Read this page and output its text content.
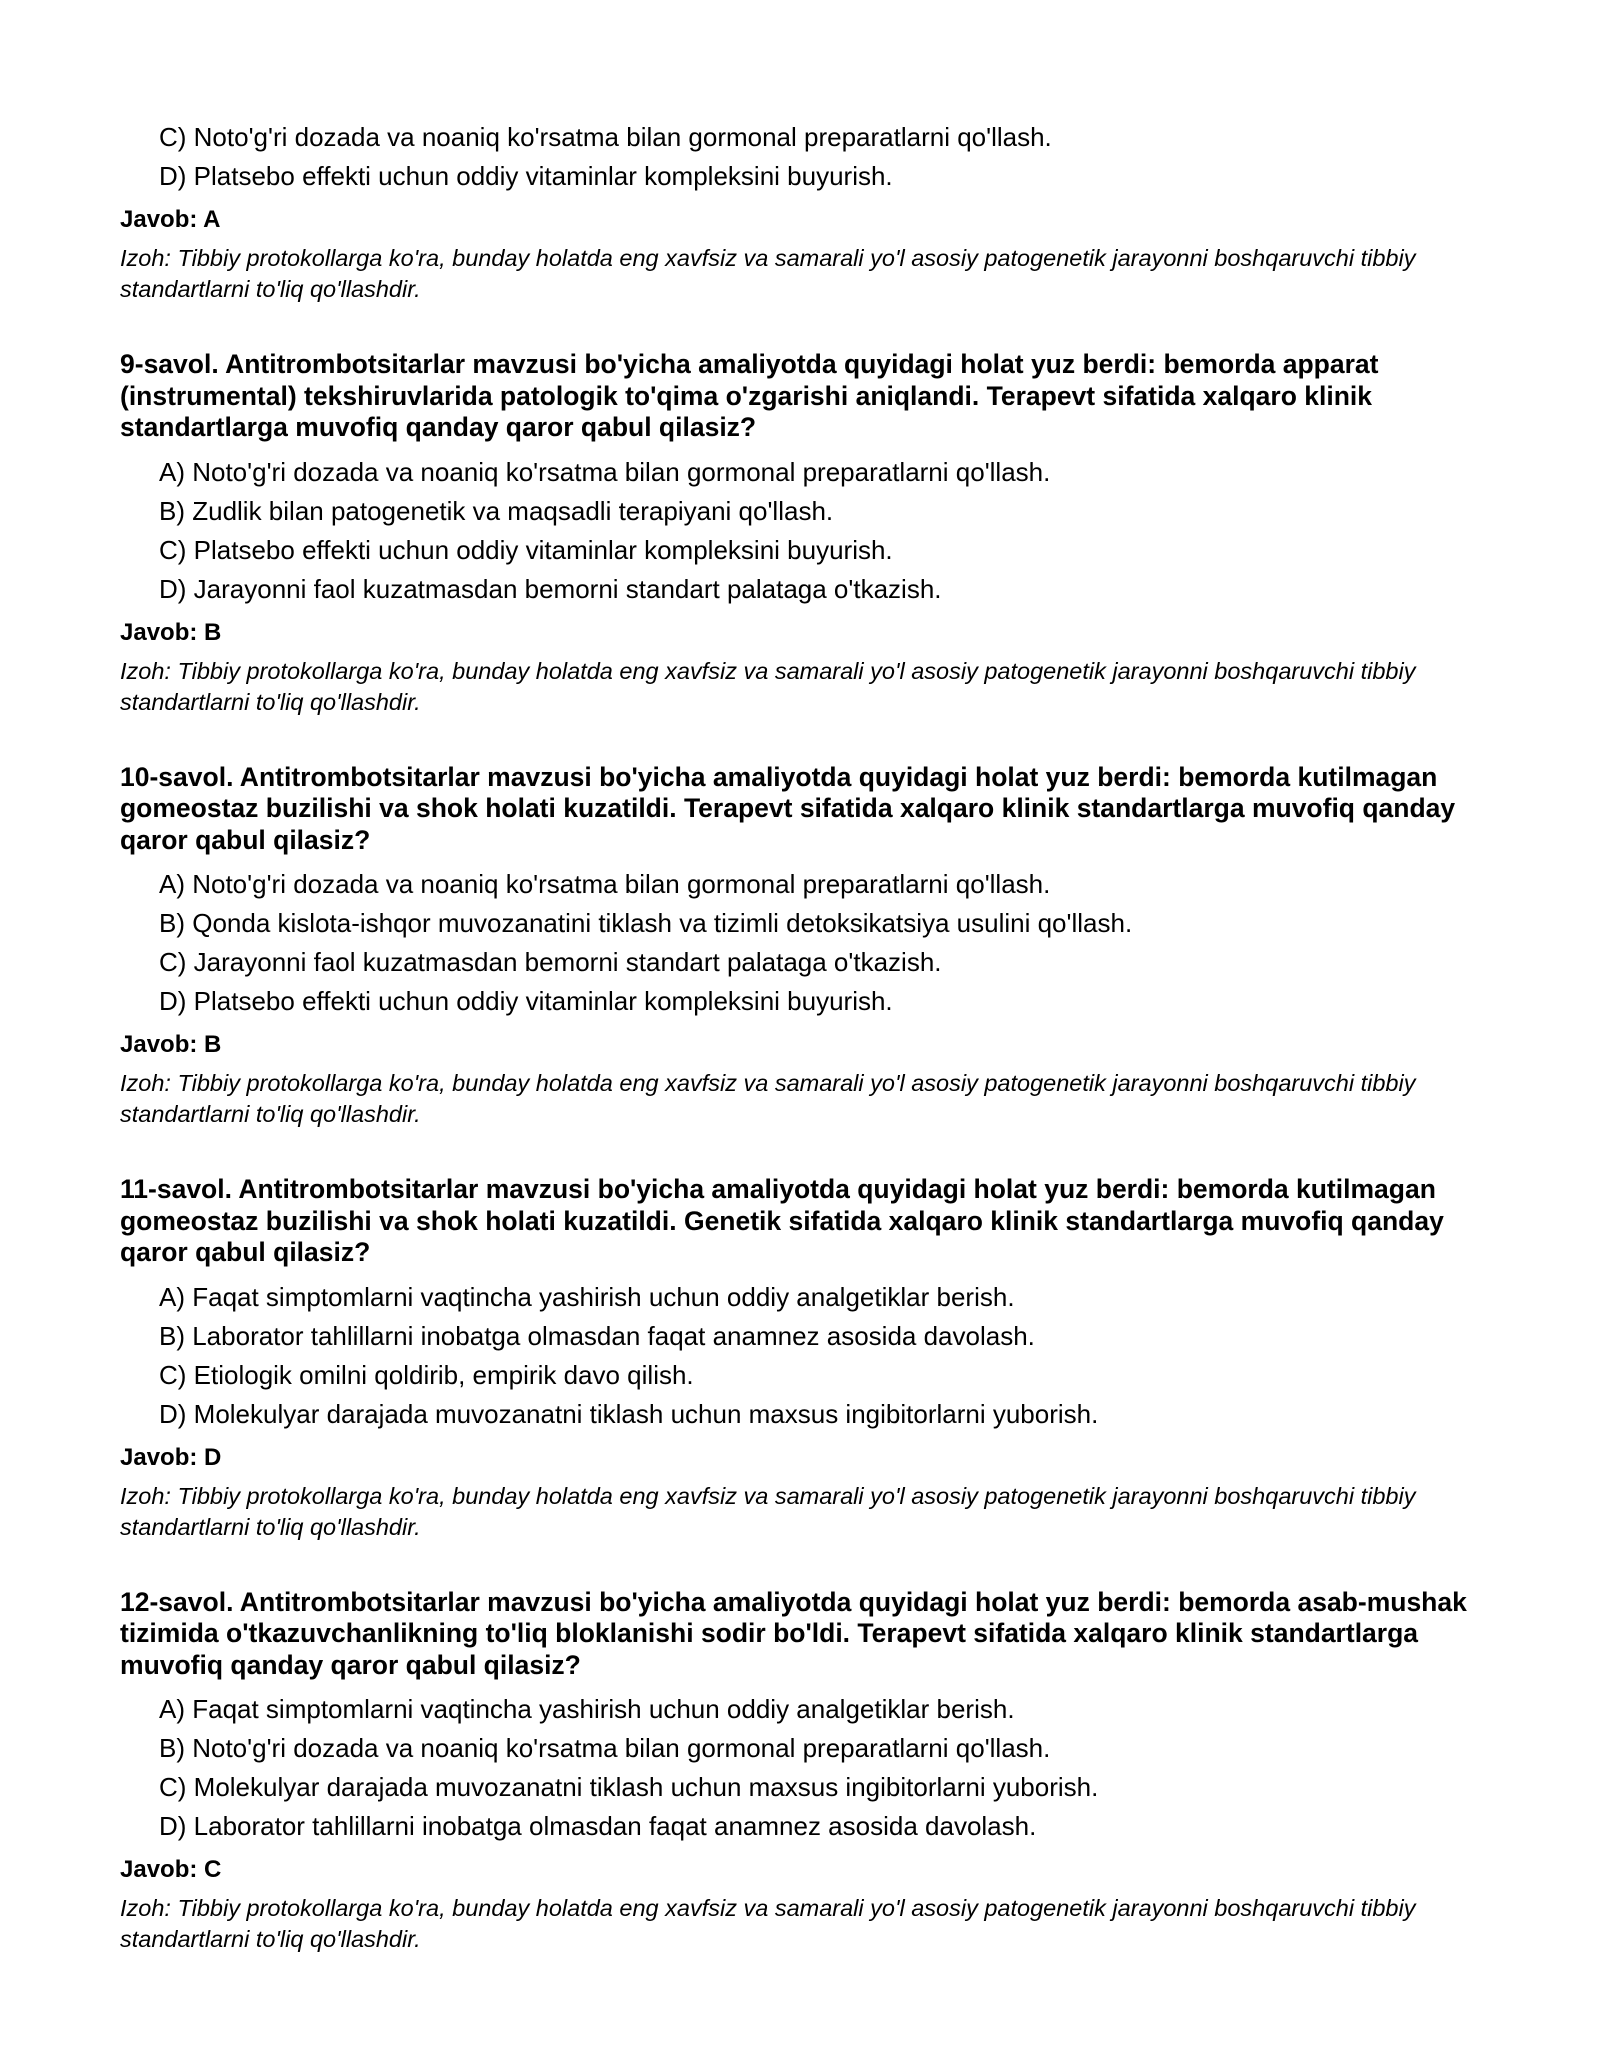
C) Noto'g'ri dozada va noaniq ko'rsatma bilan gormonal preparatlarni qo'llash.
D) Platsebo effekti uchun oddiy vitaminlar kompleksini buyurish.
Javob: A
Izoh: Tibbiy protokollarga ko'ra, bunday holatda eng xavfsiz va samarali yo'l asosiy patogenetik jarayonni boshqaruvchi tibbiy standartlarni to'liq qo'llashdir.
9-savol. Antitrombotsitarlar mavzusi bo'yicha amaliyotda quyidagi holat yuz berdi: bemorda apparat (instrumental) tekshiruvlarida patologik to'qima o'zgarishi aniqlandi. Terapevt sifatida xalqaro klinik standartlarga muvofiq qanday qaror qabul qilasiz?
A) Noto'g'ri dozada va noaniq ko'rsatma bilan gormonal preparatlarni qo'llash.
B) Zudlik bilan patogenetik va maqsadli terapiyani qo'llash.
C) Platsebo effekti uchun oddiy vitaminlar kompleksini buyurish.
D) Jarayonni faol kuzatmasdan bemorni standart palataga o'tkazish.
Javob: B
Izoh: Tibbiy protokollarga ko'ra, bunday holatda eng xavfsiz va samarali yo'l asosiy patogenetik jarayonni boshqaruvchi tibbiy standartlarni to'liq qo'llashdir.
10-savol. Antitrombotsitarlar mavzusi bo'yicha amaliyotda quyidagi holat yuz berdi: bemorda kutilmagan gomeostaz buzilishi va shok holati kuzatildi. Terapevt sifatida xalqaro klinik standartlarga muvofiq qanday qaror qabul qilasiz?
A) Noto'g'ri dozada va noaniq ko'rsatma bilan gormonal preparatlarni qo'llash.
B) Qonda kislota-ishqor muvozanatini tiklash va tizimli detoksikatsiya usulini qo'llash.
C) Jarayonni faol kuzatmasdan bemorni standart palataga o'tkazish.
D) Platsebo effekti uchun oddiy vitaminlar kompleksini buyurish.
Javob: B
Izoh: Tibbiy protokollarga ko'ra, bunday holatda eng xavfsiz va samarali yo'l asosiy patogenetik jarayonni boshqaruvchi tibbiy standartlarni to'liq qo'llashdir.
11-savol. Antitrombotsitarlar mavzusi bo'yicha amaliyotda quyidagi holat yuz berdi: bemorda kutilmagan gomeostaz buzilishi va shok holati kuzatildi. Genetik sifatida xalqaro klinik standartlarga muvofiq qanday qaror qabul qilasiz?
A) Faqat simptomlarni vaqtincha yashirish uchun oddiy analgetiklar berish.
B) Laborator tahlillarni inobatga olmasdan faqat anamnez asosida davolash.
C) Etiologik omilni qoldirib, empirik davo qilish.
D) Molekulyar darajada muvozanatni tiklash uchun maxsus ingibitorlarni yuborish.
Javob: D
Izoh: Tibbiy protokollarga ko'ra, bunday holatda eng xavfsiz va samarali yo'l asosiy patogenetik jarayonni boshqaruvchi tibbiy standartlarni to'liq qo'llashdir.
12-savol. Antitrombotsitarlar mavzusi bo'yicha amaliyotda quyidagi holat yuz berdi: bemorda asab-mushak tizimida o'tkazuvchanlikning to'liq bloklanishi sodir bo'ldi. Terapevt sifatida xalqaro klinik standartlarga muvofiq qanday qaror qabul qilasiz?
A) Faqat simptomlarni vaqtincha yashirish uchun oddiy analgetiklar berish.
B) Noto'g'ri dozada va noaniq ko'rsatma bilan gormonal preparatlarni qo'llash.
C) Molekulyar darajada muvozanatni tiklash uchun maxsus ingibitorlarni yuborish.
D) Laborator tahlillarni inobatga olmasdan faqat anamnez asosida davolash.
Javob: C
Izoh: Tibbiy protokollarga ko'ra, bunday holatda eng xavfsiz va samarali yo'l asosiy patogenetik jarayonni boshqaruvchi tibbiy standartlarni to'liq qo'llashdir.
